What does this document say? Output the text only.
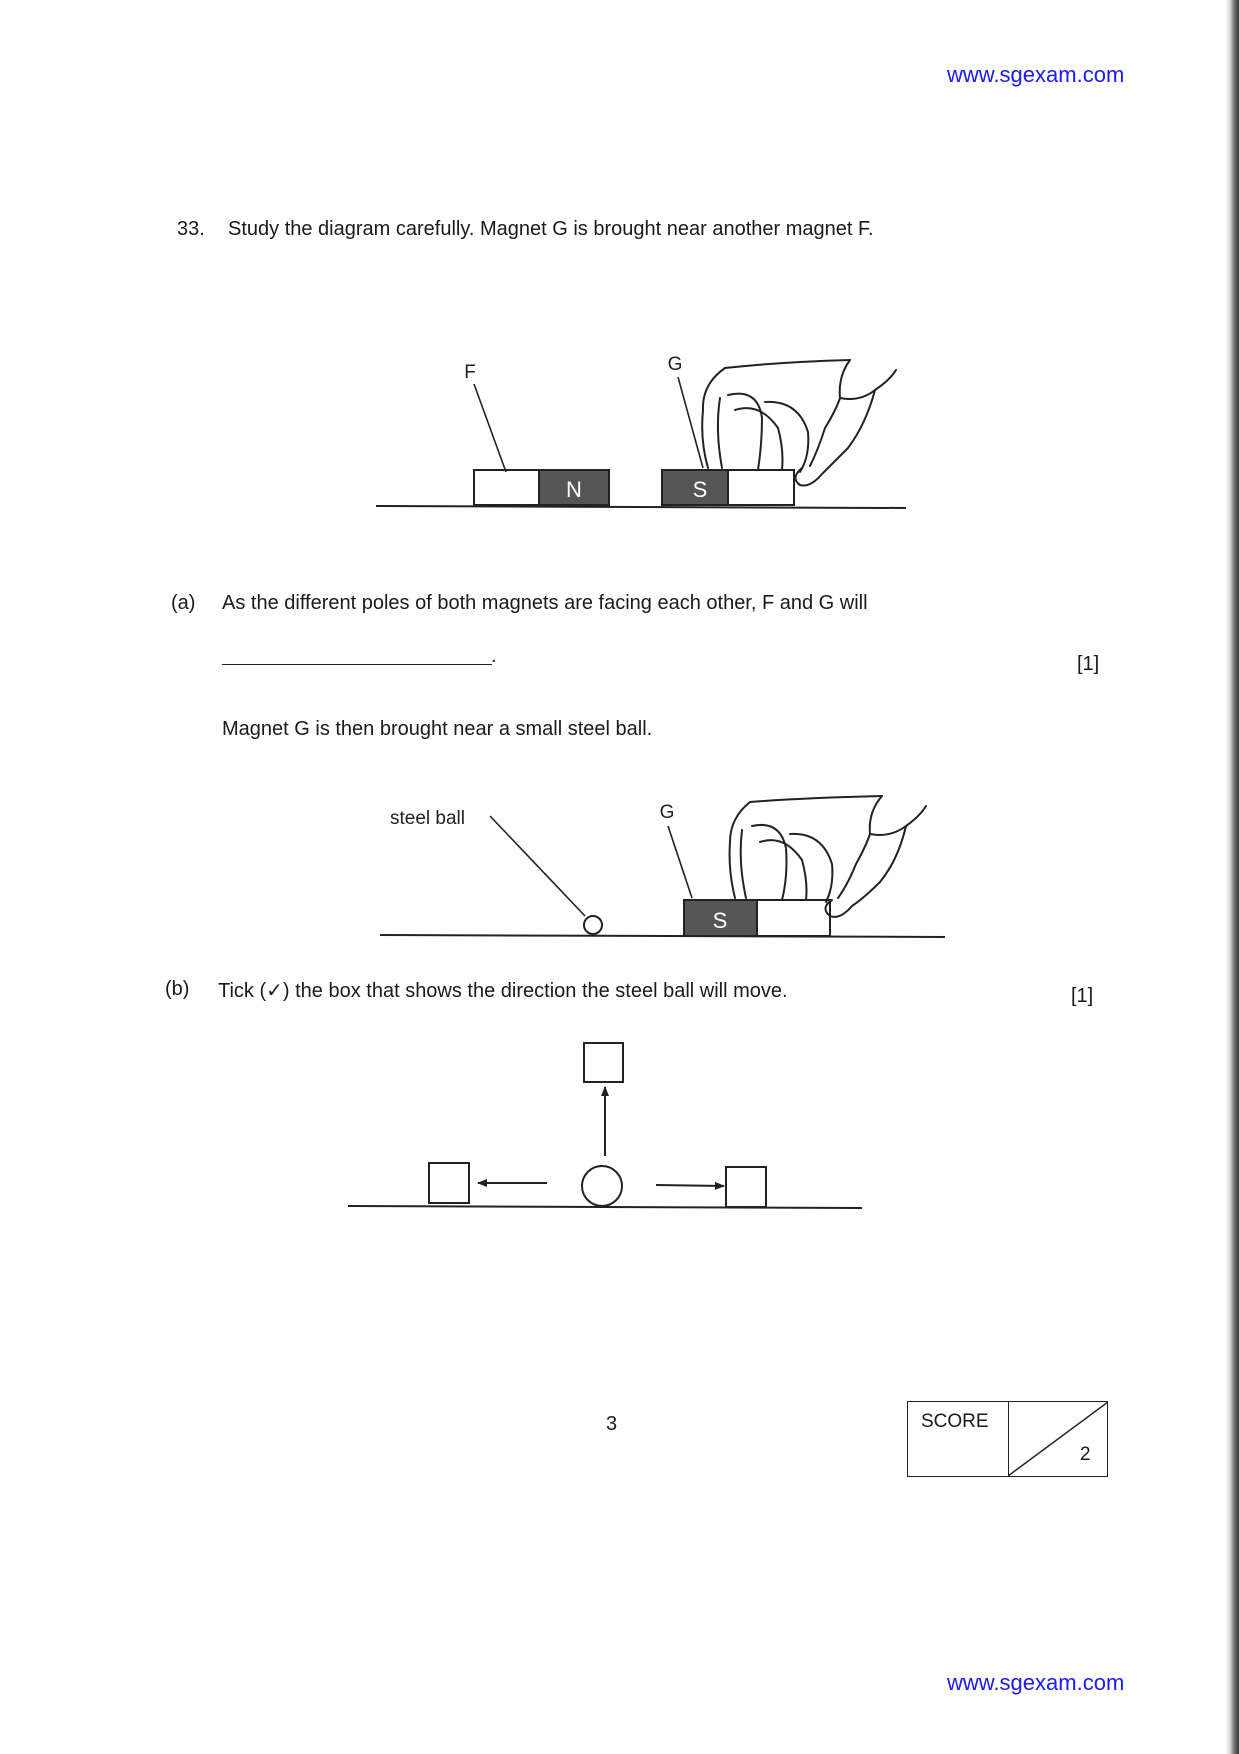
www.sgexam.com
33. Study the diagram carefully. Magnet G is brought near another magnet F.
N	S
F	G
(a) As the different poles of both magnets are facing each other, F and G will
.	[1]
Magnet G is then brought near a small steel ball.
steel ball
S
G
(b) Tick (✓) the box that shows the direction the steel ball will move.	[1]
3	SCORE
2
www.sgexam.com
